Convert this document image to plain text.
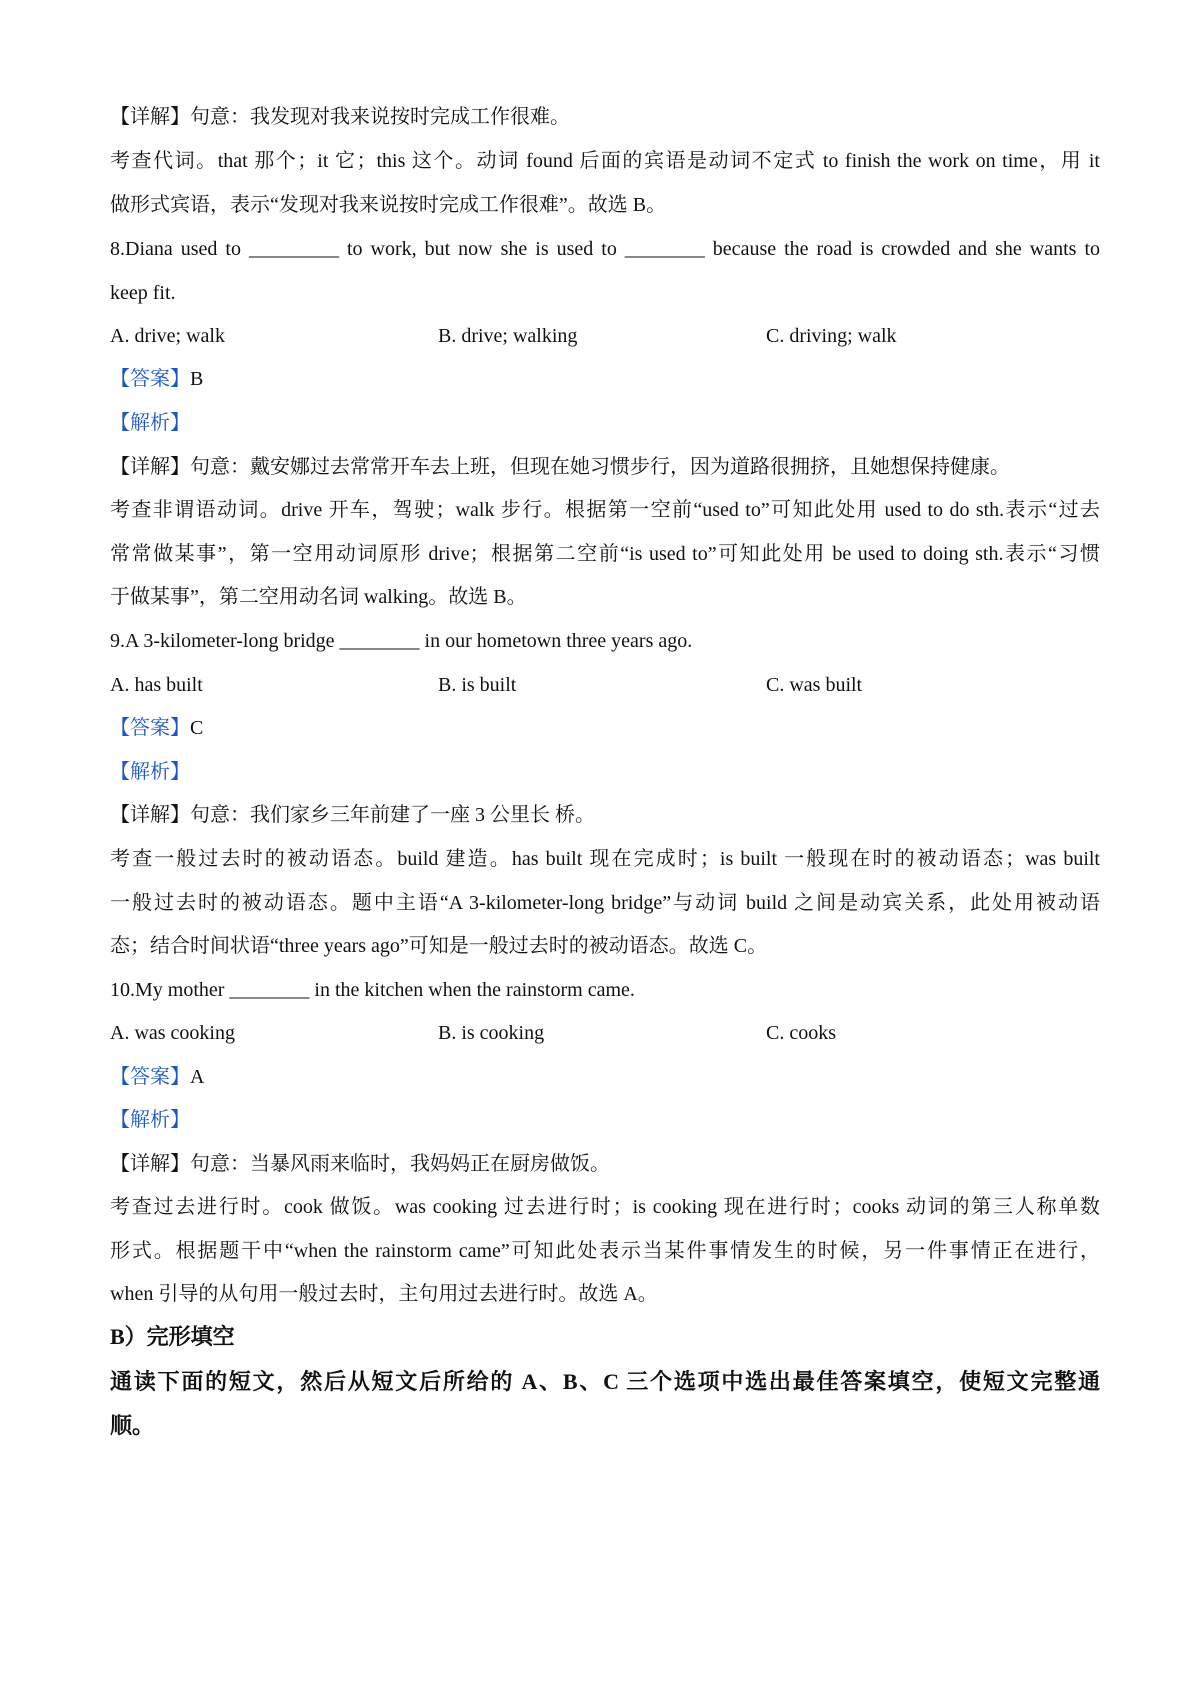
【详解】句意：我发现对我来说按时完成工作很难。
考查代词。that 那个；it 它；this 这个。动词 found 后面的宾语是动词不定式 to finish the work on time，用 it
做形式宾语，表示“发现对我来说按时完成工作很难”。故选 B。
8.Diana used to _________ to work, but now she is used to ________ because the road is crowded and she wants to
keep fit.
A. drive; walk	B. drive; walking	C. driving; walk
【答案】B
【解析】
【详解】句意：戴安娜过去常常开车去上班，但现在她习惯步行，因为道路很拥挤，且她想保持健康。
考查非谓语动词。drive 开车，驾驶；walk 步行。根据第一空前“used to”可知此处用 used to do sth.表示“过去
常常做某事”，第一空用动词原形 drive；根据第二空前“is used to”可知此处用 be used to doing sth.表示“习惯
于做某事”，第二空用动名词 walking。故选 B。
9.A 3-kilometer-long bridge ________ in our hometown three years ago.
A. has built	B. is built	C. was built
【答案】C
【解析】
【详解】句意：我们家乡三年前建了一座 3 公里长 桥。
考查一般过去时的被动语态。build 建造。has built 现在完成时；is built 一般现在时的被动语态；was built
一般过去时的被动语态。题中主语“A 3-kilometer-long bridge”与动词 build 之间是动宾关系，此处用被动语
态；结合时间状语“three years ago”可知是一般过去时的被动语态。故选 C。
10.My mother ________ in the kitchen when the rainstorm came.
A. was cooking	B. is cooking	C. cooks
【答案】A
【解析】
【详解】句意：当暴风雨来临时，我妈妈正在厨房做饭。
考查过去进行时。cook 做饭。was cooking 过去进行时；is cooking 现在进行时；cooks 动词的第三人称单数
形式。根据题干中“when the rainstorm came”可知此处表示当某件事情发生的时候，另一件事情正在进行，
when 引导的从句用一般过去时，主句用过去进行时。故选 A。
B）完形填空
通读下面的短文，然后从短文后所给的 A、B、C 三个选项中选出最佳答案填空，使短文完整通
顺。
